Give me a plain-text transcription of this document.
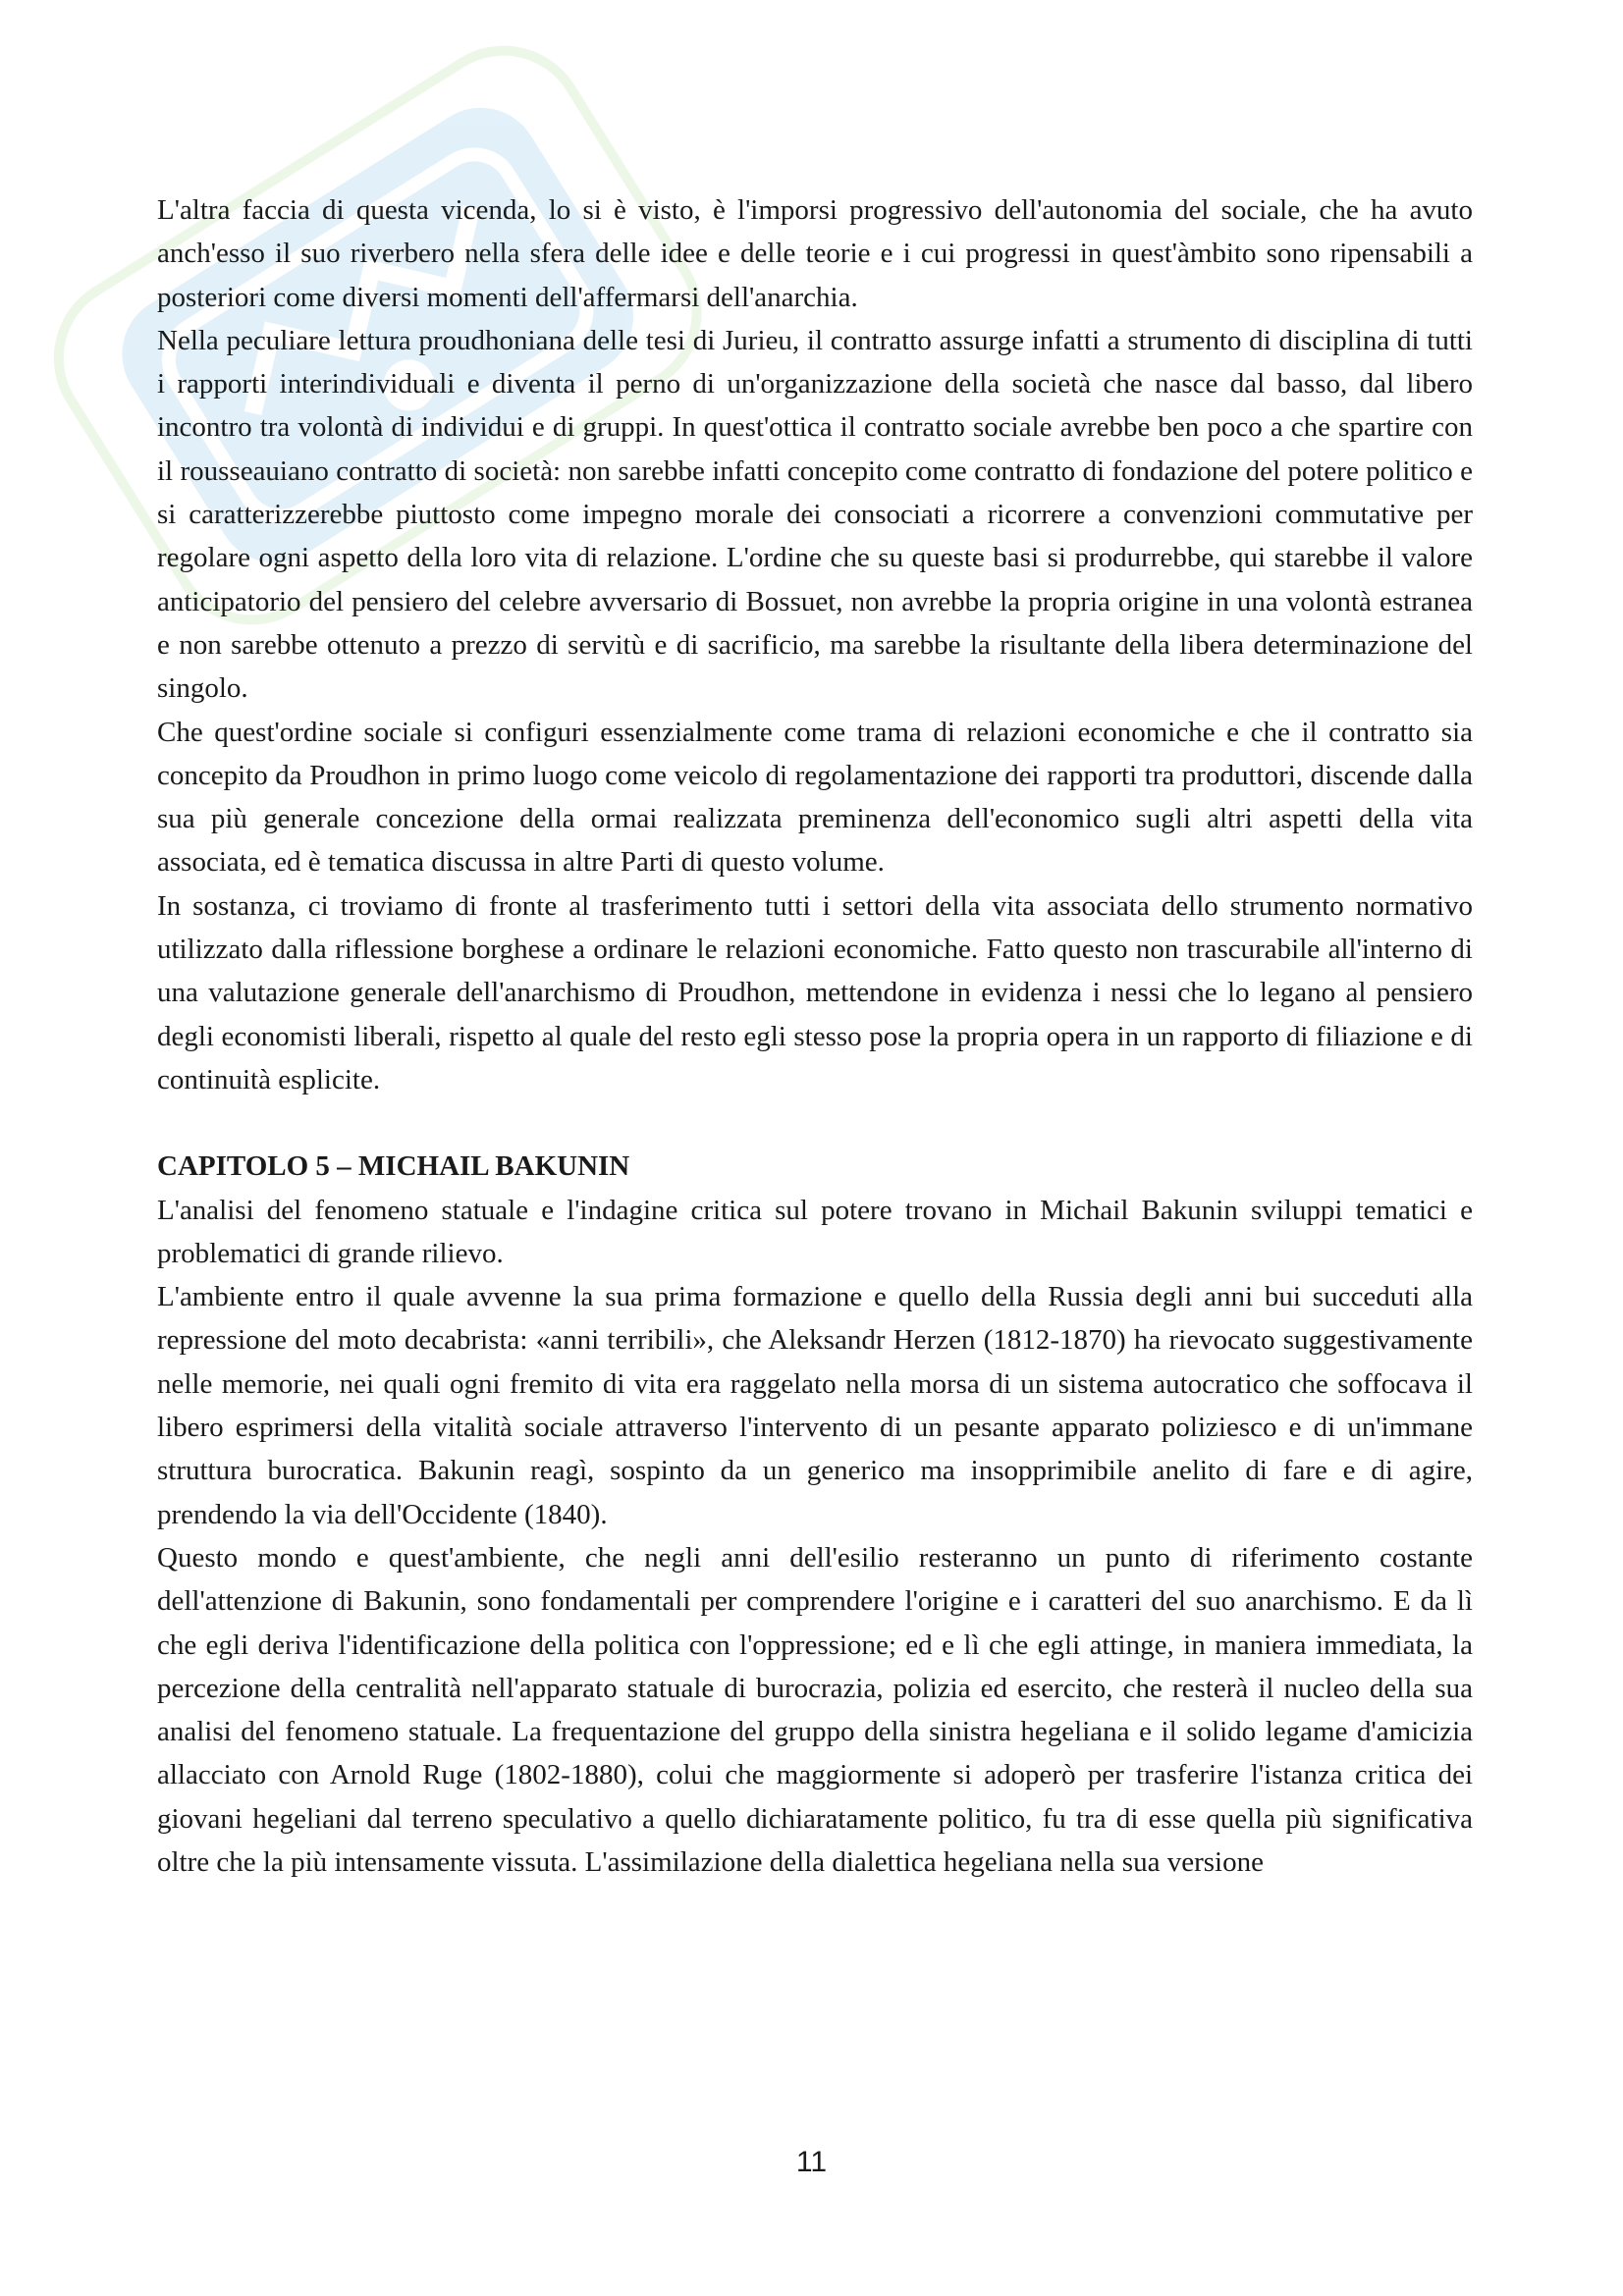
L'altra faccia di questa vicenda, lo si è visto, è l'imporsi progressivo dell'autonomia del sociale, che ha avuto anch'esso il suo riverbero nella sfera delle idee e delle teorie e i cui progressi in quest'àmbito sono ripensabili a posteriori come diversi momenti dell'affermarsi dell'anarchia.

Nella peculiare lettura proudhoniana delle tesi di Jurieu, il contratto assurge infatti a strumento di disciplina di tutti i rapporti interindividuali e diventa il perno di un'organizzazione della società che nasce dal basso, dal libero incontro tra volontà di individui e di gruppi. In quest'ottica il contratto sociale avrebbe ben poco a che spartire con il rousseauiano contratto di società: non sarebbe infatti concepito come contratto di fondazione del potere politico e si caratterizzerebbe piuttosto come impegno morale dei consociati a ricorrere a convenzioni commutative per regolare ogni aspetto della loro vita di relazione. L'ordine che su queste basi si produrrebbe, qui starebbe il valore anticipatorio del pensiero del celebre avversario di Bossuet, non avrebbe la propria origine in una volontà estranea e non sarebbe ottenuto a prezzo di servitù e di sacrificio, ma sarebbe la risultante della libera determinazione del singolo.

Che quest'ordine sociale si configuri essenzialmente come trama di relazioni economiche e che il contratto sia concepito da Proudhon in primo luogo come veicolo di regolamentazione dei rapporti tra produttori, discende dalla sua più generale concezione della ormai realizzata preminenza dell'economico sugli altri aspetti della vita associata, ed è tematica discussa in altre Parti di questo volume.

In sostanza, ci troviamo di fronte al trasferimento tutti i settori della vita associata dello strumento normativo utilizzato dalla riflessione borghese a ordinare le relazioni economiche. Fatto questo non trascurabile all'interno di una valutazione generale dell'anarchismo di Proudhon, mettendone in evidenza i nessi che lo legano al pensiero degli economisti liberali, rispetto al quale del resto egli stesso pose la propria opera in un rapporto di filiazione e di continuità esplicite.

CAPITOLO 5 – MICHAIL BAKUNIN

L'analisi del fenomeno statuale e l'indagine critica sul potere trovano in Michail Bakunin sviluppi tematici e problematici di grande rilievo.

L'ambiente entro il quale avvenne la sua prima formazione e quello della Russia degli anni bui succeduti alla repressione del moto decabrista: «anni terribili», che Aleksandr Herzen (1812-1870) ha rievocato suggestivamente nelle memorie, nei quali ogni fremito di vita era raggelato nella morsa di un sistema autocratico che soffocava il libero esprimersi della vitalità sociale attraverso l'intervento di un pesante apparato poliziesco e di un'immane struttura burocratica. Bakunin reagì, sospinto da un generico ma insopprimibile anelito di fare e di agire, prendendo la via dell'Occidente (1840).

Questo mondo e quest'ambiente, che negli anni dell'esilio resteranno un punto di riferimento costante dell'attenzione di Bakunin, sono fondamentali per comprendere l'origine e i caratteri del suo anarchismo. E da lì che egli deriva l'identificazione della politica con l'oppressione; ed e lì che egli attinge, in maniera immediata, la percezione della centralità nell'apparato statuale di burocrazia, polizia ed esercito, che resterà il nucleo della sua analisi del fenomeno statuale. La frequentazione del gruppo della sinistra hegeliana e il solido legame d'amicizia allacciato con Arnold Ruge (1802-1880), colui che maggiormente si adoperò per trasferire l'istanza critica dei giovani hegeliani dal terreno speculativo a quello dichiaratamente politico, fu tra di esse quella più significativa oltre che la più intensamente vissuta. L'assimilazione della dialettica hegeliana nella sua versione

11
